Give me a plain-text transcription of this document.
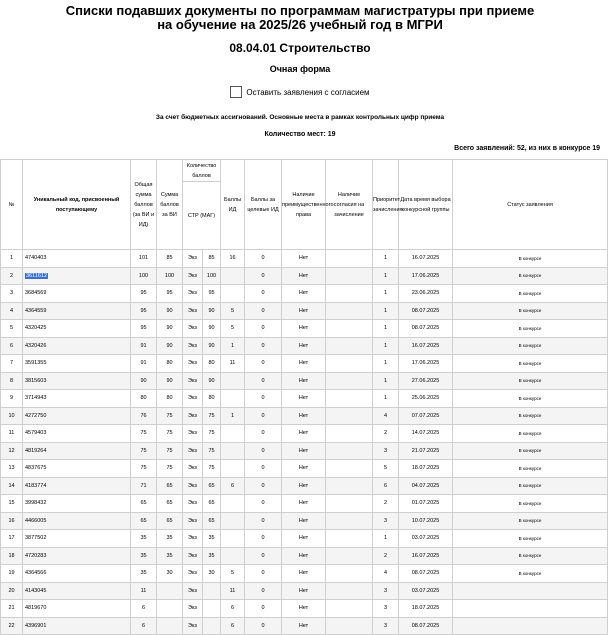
Списки подавших документы по программам магистратуры при приеме
на обучение на 2025/26 учебный год в МГРИ
08.04.01 Строительство
Очная форма
Оставить заявления с согласием
За счет бюджетных ассигнований. Основные места в рамках контрольных цифр приема
Количество мест: 19
Всего заявлений: 52, из них в конкурсе 19
№	Уникальный код, присвоенный поступающему	Общая сумма баллов (за ВИ и ИД)	Сумма баллов за ВИ	Количество баллов		Баллы ИД	Баллы за целевые ИД	Наличие преимущественного права	Наличие согласия на зачисление	Приоритет зачисления	Дата время выбора конкурсной группы	Статус заявления
				СТР (МАГ)								
1	4740403	101	85	Экз	85	16	0	Нет		1	16.07.2025	В конкурсе
2	3611612	100	100	Экз	100		0	Нет		1	17.06.2025	В конкурсе
3	3684569	95	95	Экз	95		0	Нет		1	23.06.2025	В конкурсе
4	4364559	95	90	Экз	90	5	0	Нет		1	08.07.2025	В конкурсе
5	4320425	95	90	Экз	90	5	0	Нет		1	08.07.2025	В конкурсе
6	4320426	91	90	Экз	90	1	0	Нет		1	16.07.2025	В конкурсе
7	3591355	91	80	Экз	80	11	0	Нет		1	17.06.2025	В конкурсе
8	3815603	90	90	Экз	90		0	Нет		1	27.06.2025	В конкурсе
9	3714943	80	80	Экз	80		0	Нет		1	25.06.2025	В конкурсе
10	4272750	76	75	Экз	75	1	0	Нет		4	07.07.2025	В конкурсе
11	4579403	75	75	Экз	75		0	Нет		2	14.07.2025	В конкурсе
12	4819264	75	75	Экз	75		0	Нет		3	21.07.2025	В конкурсе
13	4837675	75	75	Экз	75		0	Нет		5	18.07.2025	В конкурсе
14	4183774	71	65	Экз	65	6	0	Нет		6	04.07.2025	В конкурсе
15	3998432	65	65	Экз	65		0	Нет		2	01.07.2025	В конкурсе
16	4466005	65	65	Экз	65		0	Нет		3	10.07.2025	В конкурсе
17	3877502	35	35	Экз	35		0	Нет		1	03.07.2025	В конкурсе
18	4720283	35	35	Экз	35		0	Нет		2	16.07.2025	В конкурсе
19	4364566	35	30	Экз	30	5	0	Нет		4	08.07.2025	В конкурсе
20	4143045	11		Экз		11	0	Нет		3	03.07.2025	
21	4819670	6		Экз		6	0	Нет		3	18.07.2025	
22	4396901	6		Экз		6	0	Нет		3	08.07.2025	
